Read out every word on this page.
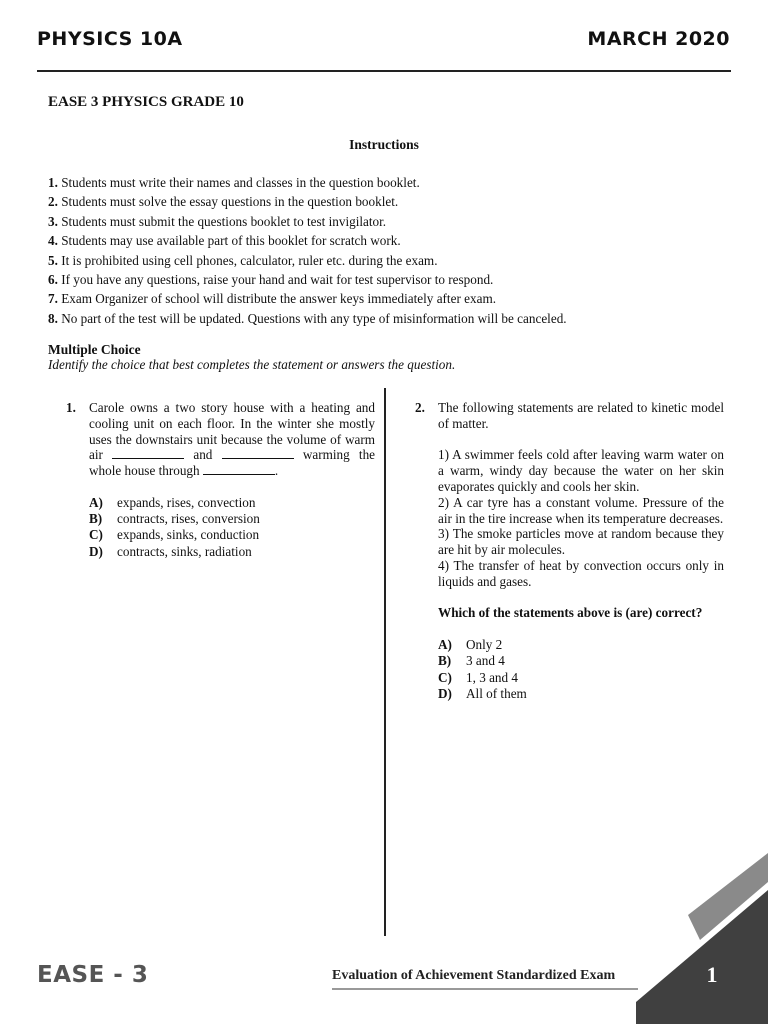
PHYSICS 10A	MARCH 2020
EASE 3 PHYSICS GRADE 10
Instructions
1. Students must write their names and classes in the question booklet.
2. Students must solve the essay questions in the question booklet.
3. Students must submit the questions booklet to test invigilator.
4. Students may use available part of this booklet for scratch work.
5. It is prohibited using cell phones, calculator, ruler etc. during the exam.
6. If you have any questions, raise your hand and wait for test supervisor to respond.
7. Exam Organizer of school will distribute the answer keys immediately after exam.
8. No part of the test will be updated. Questions with any type of misinformation will be canceled.
Multiple Choice
Identify the choice that best completes the statement or answers the question.
1. Carole owns a two story house with a heating and cooling unit on each floor. In the winter she mostly uses the downstairs unit because the volume of warm air	and	warming the whole house through	.
A) expands, rises, convection
B) contracts, rises, conversion
C) expands, sinks, conduction
D) contracts, sinks, radiation
2. The following statements are related to kinetic model of matter.

1) A swimmer feels cold after leaving warm water on a warm, windy day because the water on her skin evaporates quickly and cools her skin.

2) A car tyre has a constant volume. Pressure of the air in the tire increase when its temperature decreases.

3) The smoke particles move at random because they are hit by air molecules.

4) The transfer of heat by convection occurs only in liquids and gases.

Which of the statements above is (are) correct?

A) Only 2
B) 3 and 4
C) 1, 3 and 4
D) All of them
EASE - 3	Evaluation of Achievement Standardized Exam	1
